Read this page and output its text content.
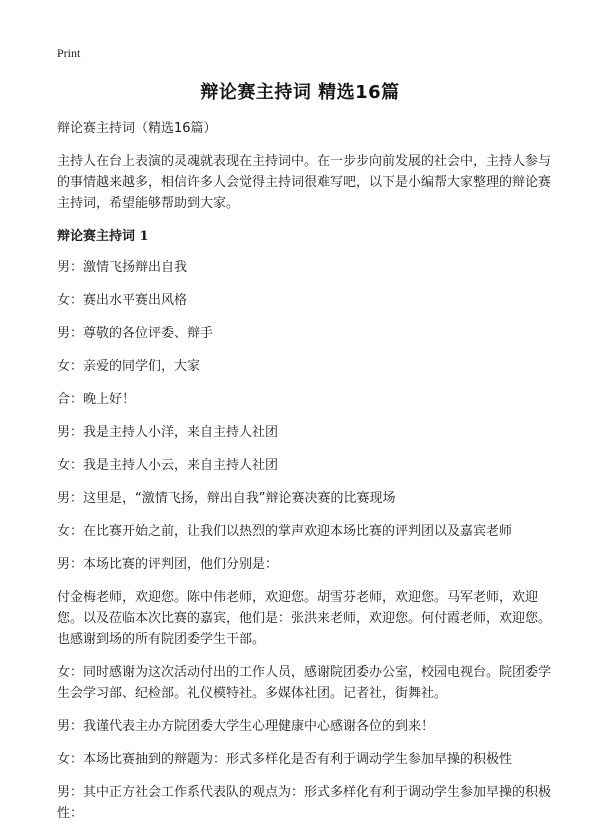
Print
辩论赛主持词 精选16篇

辩论赛主持词（精选16篇）

主持人在台上表演的灵魂就表现在主持词中。在一步步向前发展的社会中，主持人参与的事情越来越多，相信许多人会觉得主持词很难写吧，以下是小编帮大家整理的辩论赛主持词，希望能够帮助到大家。

辩论赛主持词 1

男：激情飞扬辩出自我

女：赛出水平赛出风格

男：尊敬的各位评委、辩手

女：亲爱的同学们，大家

合：晚上好！

男：我是主持人小洋，来自主持人社团

女：我是主持人小云，来自主持人社团

男：这里是，“激情飞扬，辩出自我”辩论赛决赛的比赛现场

女：在比赛开始之前，让我们以热烈的掌声欢迎本场比赛的评判团以及嘉宾老师

男：本场比赛的评判团，他们分别是：

付金梅老师，欢迎您。陈中伟老师，欢迎您。胡雪芬老师，欢迎您。马军老师，欢迎您。以及莅临本次比赛的嘉宾，他们是：张洪来老师，欢迎您。何付霞老师，欢迎您。也感谢到场的所有院团委学生干部。

女：同时感谢为这次活动付出的工作人员，感谢院团委办公室，校园电视台。院团委学生会学习部、纪检部。礼仪模特社。多媒体社团。记者社，街舞社。

男：我谨代表主办方院团委大学生心理健康中心感谢各位的到来！

女：本场比赛抽到的辩题为：形式多样化是否有利于调动学生参加早操的积极性

男：其中正方社会工作系代表队的观点为：形式多样化有利于调动学生参加早操的积极性：
